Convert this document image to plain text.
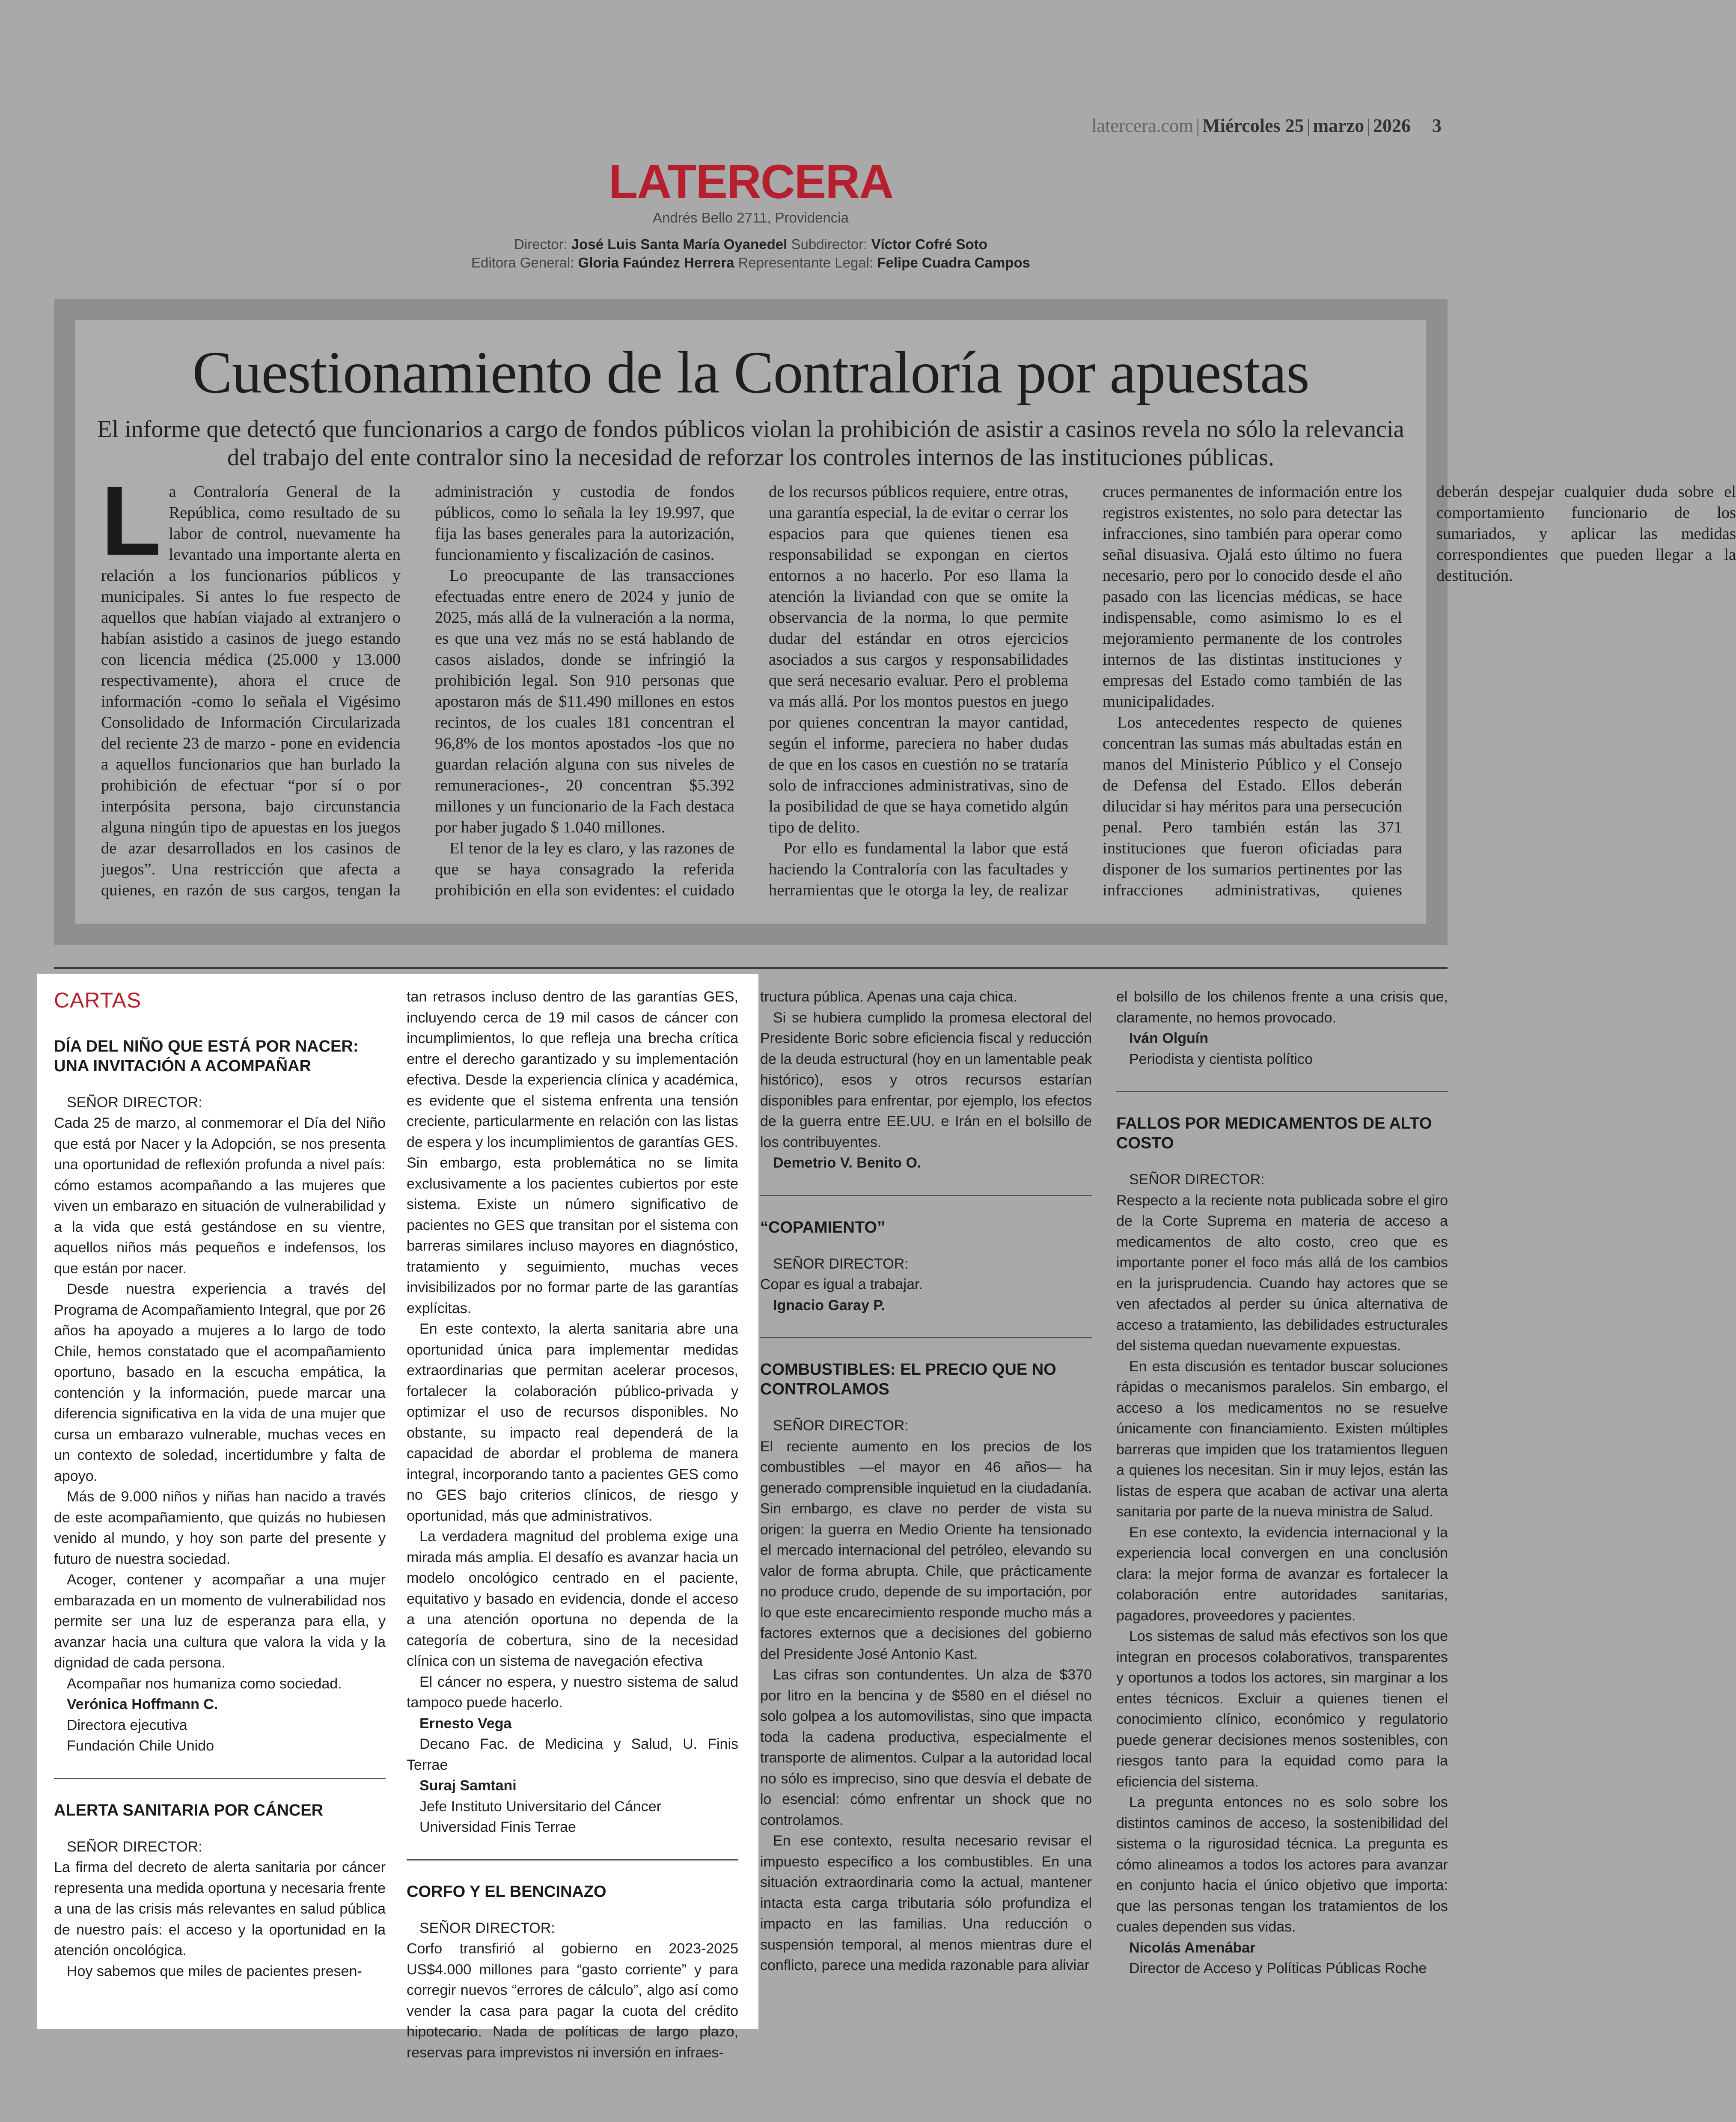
latercera.com | Miércoles 25 | marzo | 2026 3
LATERCERA
Andrés Bello 2711, Providencia
Director: José Luis Santa María Oyanedel Subdirector: Víctor Cofré Soto
Editora General: Gloria Faúndez Herrera Representante Legal: Felipe Cuadra Campos
Cuestionamiento de la Contraloría por apuestas
El informe que detectó que funcionarios a cargo de fondos públicos violan la prohibición de asistir a casinos revela no sólo la relevancia del trabajo del ente contralor sino la necesidad de reforzar los controles internos de las instituciones públicas.

La Contraloría General de la República, como resultado de su labor de control, nuevamente ha levantado una importante alerta en relación a los funcionarios públicos y municipales. Si antes lo fue respecto de aquellos que habían viajado al extranjero o habían asistido a casinos de juego estando con licencia médica (25.000 y 13.000 respectivamente), ahora el cruce de información -como lo señala el Vigésimo Consolidado de Información Circularizada del reciente 23 de marzo - pone en evidencia a aquellos funcionarios que han burlado la prohibición de efectuar “por sí o por interpósita persona, bajo circunstancia alguna ningún tipo de apuestas en los juegos de azar desarrollados en los casinos de juegos”. Una restricción que afecta a quienes, en razón de sus cargos, tengan la administración y custodia de fondos públicos, como lo señala la ley 19.997, que fija las bases generales para la autorización, funcionamiento y fiscalización de casinos.

Lo preocupante de las transacciones efectuadas entre enero de 2024 y junio de 2025, más allá de la vulneración a la norma, es que una vez más no se está hablando de casos aislados, donde se infringió la prohibición legal. Son 910 personas que apostaron más de $11.490 millones en estos recintos, de los cuales 181 concentran el 96,8% de los montos apostados -los que no guardan relación alguna con sus niveles de remuneraciones-, 20 concentran $5.392 millones y un funcionario de la Fach destaca por haber jugado $ 1.040 millones.

El tenor de la ley es claro, y las razones de que se haya consagrado la referida prohibición en ella son evidentes: el cuidado de los recursos públicos requiere, entre otras, una garantía especial, la de evitar o cerrar los espacios para que quienes tienen esa responsabilidad se expongan en ciertos entornos a no hacerlo. Por eso llama la atención la liviandad con que se omite la observancia de la norma, lo que permite dudar del estándar en otros ejercicios asociados a sus cargos y responsabilidades que será necesario evaluar. Pero el problema va más allá. Por los montos puestos en juego por quienes concentran la mayor cantidad, según el informe, pareciera no haber dudas de que en los casos en cuestión no se trataría solo de infracciones administrativas, sino de la posibilidad de que se haya cometido algún tipo de delito.

Por ello es fundamental la labor que está haciendo la Contraloría con las facultades y herramientas que le otorga la ley, de realizar cruces permanentes de información entre los registros existentes, no solo para detectar las infracciones, sino también para operar como señal disuasiva. Ojalá esto último no fuera necesario, pero por lo conocido desde el año pasado con las licencias médicas, se hace indispensable, como asimismo lo es el mejoramiento permanente de los controles internos de las distintas instituciones y empresas del Estado como también de las municipalidades.

Los antecedentes respecto de quienes concentran las sumas más abultadas están en manos del Ministerio Público y el Consejo de Defensa del Estado. Ellos deberán dilucidar si hay méritos para una persecución penal. Pero también están las 371 instituciones que fueron oficiadas para disponer de los sumarios pertinentes por las infracciones administrativas, quienes deberán despejar cualquier duda sobre el comportamiento funcionario de los sumariados, y aplicar las medidas correspondientes que pueden llegar a la destitución.

CARTAS
DÍA DEL NIÑO QUE ESTÁ POR NACER: UNA INVITACIÓN A ACOMPAÑAR

SEÑOR DIRECTOR:

Cada 25 de marzo, al conmemorar el Día del Niño que está por Nacer y la Adopción, se nos presenta una oportunidad de reflexión profunda a nivel país: cómo estamos acompañando a las mujeres que viven un embarazo en situación de vulnerabilidad y a la vida que está gestándose en su vientre, aquellos niños más pequeños e indefensos, los que están por nacer.

Desde nuestra experiencia a través del Programa de Acompañamiento Integral, que por 26 años ha apoyado a mujeres a lo largo de todo Chile, hemos constatado que el acompañamiento oportuno, basado en la escucha empática, la contención y la información, puede marcar una diferencia significativa en la vida de una mujer que cursa un embarazo vulnerable, muchas veces en un contexto de soledad, incertidumbre y falta de apoyo.

Más de 9.000 niños y niñas han nacido a través de este acompañamiento, que quizás no hubiesen venido al mundo, y hoy son parte del presente y futuro de nuestra sociedad.

Acoger, contener y acompañar a una mujer embarazada en un momento de vulnerabilidad nos permite ser una luz de esperanza para ella, y avanzar hacia una cultura que valora la vida y la dignidad de cada persona.

Acompañar nos humaniza como sociedad.

Verónica Hoffmann C.

Directora ejecutiva

Fundación Chile Unido

ALERTA SANITARIA POR CÁNCER

SEÑOR DIRECTOR:

La firma del decreto de alerta sanitaria por cáncer representa una medida oportuna y necesaria frente a una de las crisis más relevantes en salud pública de nuestro país: el acceso y la oportunidad en la atención oncológica.

Hoy sabemos que miles de pacientes presen-

tan retrasos incluso dentro de las garantías GES, incluyendo cerca de 19 mil casos de cáncer con incumplimientos, lo que refleja una brecha crítica entre el derecho garantizado y su implementación efectiva. Desde la experiencia clínica y académica, es evidente que el sistema enfrenta una tensión creciente, particularmente en relación con las listas de espera y los incumplimientos de garantías GES. Sin embargo, esta problemática no se limita exclusivamente a los pacientes cubiertos por este sistema. Existe un número significativo de pacientes no GES que transitan por el sistema con barreras similares incluso mayores en diagnóstico, tratamiento y seguimiento, muchas veces invisibilizados por no formar parte de las garantías explícitas.

En este contexto, la alerta sanitaria abre una oportunidad única para implementar medidas extraordinarias que permitan acelerar procesos, fortalecer la colaboración público-privada y optimizar el uso de recursos disponibles. No obstante, su impacto real dependerá de la capacidad de abordar el problema de manera integral, incorporando tanto a pacientes GES como no GES bajo criterios clínicos, de riesgo y oportunidad, más que administrativos.

La verdadera magnitud del problema exige una mirada más amplia. El desafío es avanzar hacia un modelo oncológico centrado en el paciente, equitativo y basado en evidencia, donde el acceso a una atención oportuna no dependa de la categoría de cobertura, sino de la necesidad clínica con un sistema de navegación efectiva

El cáncer no espera, y nuestro sistema de salud tampoco puede hacerlo.

Ernesto Vega

Decano Fac. de Medicina y Salud, U. Finis Terrae

Suraj Samtani

Jefe Instituto Universitario del Cáncer

Universidad Finis Terrae

CORFO Y EL BENCINAZO

SEÑOR DIRECTOR:

Corfo transfirió al gobierno en 2023-2025 US$4.000 millones para “gasto corriente” y para corregir nuevos “errores de cálculo”, algo así como vender la casa para pagar la cuota del crédito hipotecario. Nada de políticas de largo plazo, reservas para imprevistos ni inversión en infraes-

tructura pública. Apenas una caja chica.

Si se hubiera cumplido la promesa electoral del Presidente Boric sobre eficiencia fiscal y reducción de la deuda estructural (hoy en un lamentable peak histórico), esos y otros recursos estarían disponibles para enfrentar, por ejemplo, los efectos de la guerra entre EE.UU. e Irán en el bolsillo de los contribuyentes.

Demetrio V. Benito O.

“COPAMIENTO”

SEÑOR DIRECTOR:

Copar es igual a trabajar.

Ignacio Garay P.

COMBUSTIBLES: EL PRECIO QUE NO CONTROLAMOS

SEÑOR DIRECTOR:

El reciente aumento en los precios de los combustibles —el mayor en 46 años— ha generado comprensible inquietud en la ciudadanía. Sin embargo, es clave no perder de vista su origen: la guerra en Medio Oriente ha tensionado el mercado internacional del petróleo, elevando su valor de forma abrupta. Chile, que prácticamente no produce crudo, depende de su importación, por lo que este encarecimiento responde mucho más a factores externos que a decisiones del gobierno del Presidente José Antonio Kast.

Las cifras son contundentes. Un alza de $370 por litro en la bencina y de $580 en el diésel no solo golpea a los automovilistas, sino que impacta toda la cadena productiva, especialmente el transporte de alimentos. Culpar a la autoridad local no sólo es impreciso, sino que desvía el debate de lo esencial: cómo enfrentar un shock que no controlamos.

En ese contexto, resulta necesario revisar el impuesto específico a los combustibles. En una situación extraordinaria como la actual, mantener intacta esta carga tributaria sólo profundiza el impacto en las familias. Una reducción o suspensión temporal, al menos mientras dure el conflicto, parece una medida razonable para aliviar

el bolsillo de los chilenos frente a una crisis que, claramente, no hemos provocado.

Iván Olguín

Periodista y cientista político

FALLOS POR MEDICAMENTOS DE ALTO COSTO

SEÑOR DIRECTOR:

Respecto a la reciente nota publicada sobre el giro de la Corte Suprema en materia de acceso a medicamentos de alto costo, creo que es importante poner el foco más allá de los cambios en la jurisprudencia. Cuando hay actores que se ven afectados al perder su única alternativa de acceso a tratamiento, las debilidades estructurales del sistema quedan nuevamente expuestas.

En esta discusión es tentador buscar soluciones rápidas o mecanismos paralelos. Sin embargo, el acceso a los medicamentos no se resuelve únicamente con financiamiento. Existen múltiples barreras que impiden que los tratamientos lleguen a quienes los necesitan. Sin ir muy lejos, están las listas de espera que acaban de activar una alerta sanitaria por parte de la nueva ministra de Salud.

En ese contexto, la evidencia internacional y la experiencia local convergen en una conclusión clara: la mejor forma de avanzar es fortalecer la colaboración entre autoridades sanitarias, pagadores, proveedores y pacientes.

Los sistemas de salud más efectivos son los que integran en procesos colaborativos, transparentes y oportunos a todos los actores, sin marginar a los entes técnicos. Excluir a quienes tienen el conocimiento clínico, económico y regulatorio puede generar decisiones menos sostenibles, con riesgos tanto para la equidad como para la eficiencia del sistema.

La pregunta entonces no es solo sobre los distintos caminos de acceso, la sostenibilidad del sistema o la rigurosidad técnica. La pregunta es cómo alineamos a todos los actores para avanzar en conjunto hacia el único objetivo que importa: que las personas tengan los tratamientos de los cuales dependen sus vidas.

Nicolás Amenábar

Director de Acceso y Políticas Públicas Roche
